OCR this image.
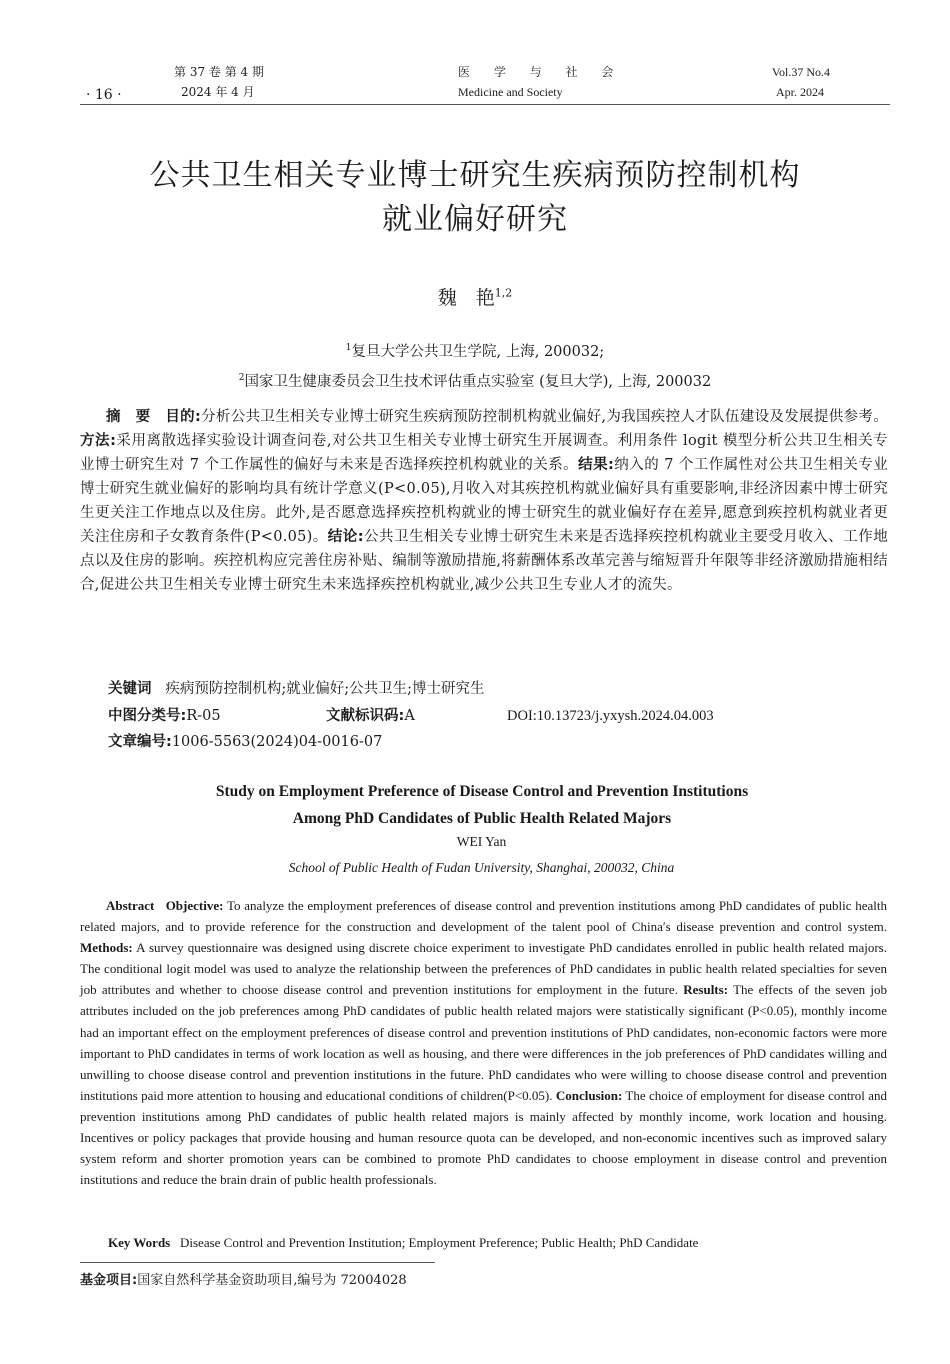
· 16 ·
第 37 卷 第 4 期
2024 年 4 月
医 学 与 社 会
Medicine and Society
Vol.37 No.4
Apr. 2024
公共卫生相关专业博士研究生疾病预防控制机构
就业偏好研究
魏　艳$^{1,2}$
$^1$复旦大学公共卫生学院, 上海, 200032;
$^2$国家卫生健康委员会卫生技术评估重点实验室 (复旦大学), 上海, 200032
摘　要 目的:分析公共卫生相关专业博士研究生疾病预防控制机构就业偏好,为我国疾控人才队伍建设及发展提供参考。方法:采用离散选择实验设计调查问卷,对公共卫生相关专业博士研究生开展调查。利用条件 logit 模型分析公共卫生相关专业博士研究生对 7 个工作属性的偏好与未来是否选择疾控机构就业的关系。结果:纳入的 7 个工作属性对公共卫生相关专业博士研究生就业偏好的影响均具有统计学意义(P<0.05),月收入对其疾控机构就业偏好具有重要影响,非经济因素中博士研究生更关注工作地点以及住房。此外,是否愿意选择疾控机构就业的博士研究生的就业偏好存在差异,愿意到疾控机构就业者更关注住房和子女教育条件(P<0.05)。结论:公共卫生相关专业博士研究生未来是否选择疾控机构就业主要受月收入、工作地点以及住房的影响。疾控机构应完善住房补贴、编制等激励措施,将薪酬体系改革完善与缩短晋升年限等非经济激励措施相结合,促进公共卫生相关专业博士研究生未来选择疾控机构就业,减少公共卫生专业人才的流失。
关键词 疾病预防控制机构;就业偏好;公共卫生;博士研究生
中图分类号:R-05	文献标识码:A	DOI:10.13723/j.yxysh.2024.04.003
文章编号:1006-5563(2024)04-0016-07
Study on Employment Preference of Disease Control and Prevention Institutions
Among PhD Candidates of Public Health Related Majors
WEI Yan
School of Public Health of Fudan University, Shanghai, 200032, China
Abstract Objective: To analyze the employment preferences of disease control and prevention institutions among PhD candidates of public health related majors, and to provide reference for the construction and development of the talent pool of China′s disease prevention and control system. Methods: A survey questionnaire was designed using discrete choice experiment to investigate PhD candidates enrolled in public health related majors. The conditional logit model was used to analyze the relationship between the preferences of PhD candidates in public health related specialties for seven job attributes and whether to choose disease control and prevention institutions for employment in the future. Results: The effects of the seven job attributes included on the job preferences among PhD candidates of public health related majors were statistically significant (P<0.05), monthly income had an important effect on the employment preferences of disease control and prevention institutions of PhD candidates, non-economic factors were more important to PhD candidates in terms of work location as well as housing, and there were differences in the job preferences of PhD candidates willing and unwilling to choose disease control and prevention institutions in the future. PhD candidates who were willing to choose disease control and prevention institutions paid more attention to housing and educational conditions of children(P<0.05). Conclusion: The choice of employment for disease control and prevention institutions among PhD candidates of public health related majors is mainly affected by monthly income, work location and housing. Incentives or policy packages that provide housing and human resource quota can be developed, and non-economic incentives such as improved salary system reform and shorter promotion years can be combined to promote PhD candidates to choose employment in disease control and prevention institutions and reduce the brain drain of public health professionals.
Key Words Disease Control and Prevention Institution; Employment Preference; Public Health; PhD Candidate
基金项目:国家自然科学基金资助项目,编号为 72004028
